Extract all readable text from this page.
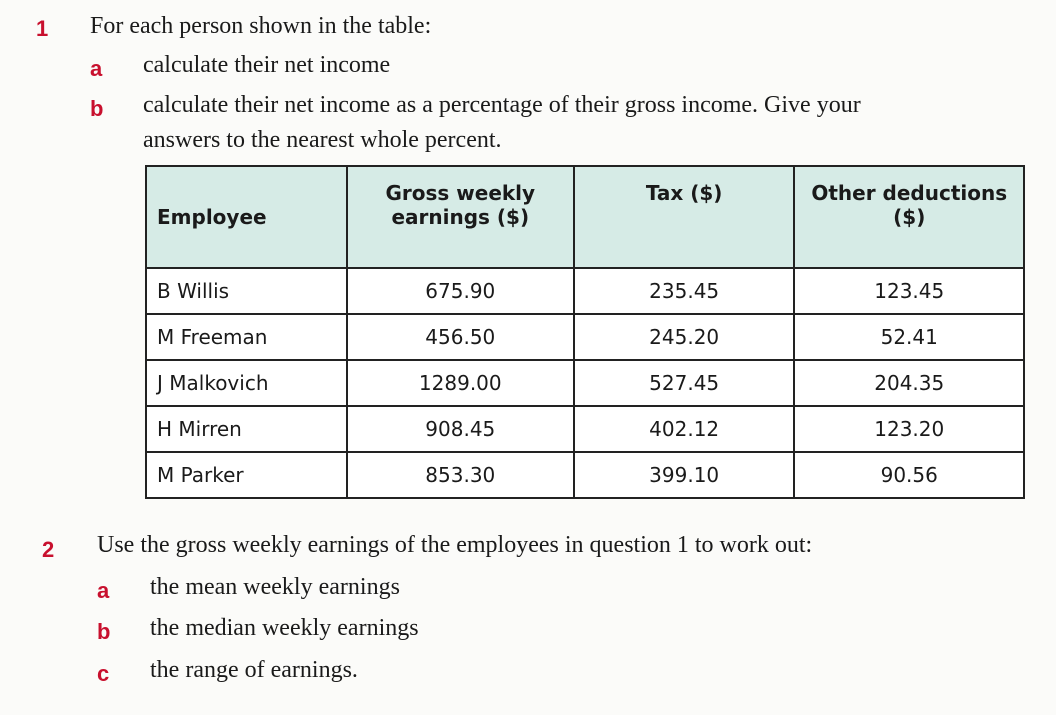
1 For each person shown in the table:
a calculate their net income
b calculate their net income as a percentage of their gross income. Give your
answers to the nearest whole percent.
Employee	Gross weekly earnings ($)	Tax ($)	Other deductions ($)
B Willis	675.90	235.45	123.45
M Freeman	456.50	245.20	52.41
J Malkovich	1289.00	527.45	204.35
H Mirren	908.45	402.12	123.20
M Parker	853.30	399.10	90.56
2 Use the gross weekly earnings of the employees in question 1 to work out:
a the mean weekly earnings
b the median weekly earnings
c the range of earnings.
